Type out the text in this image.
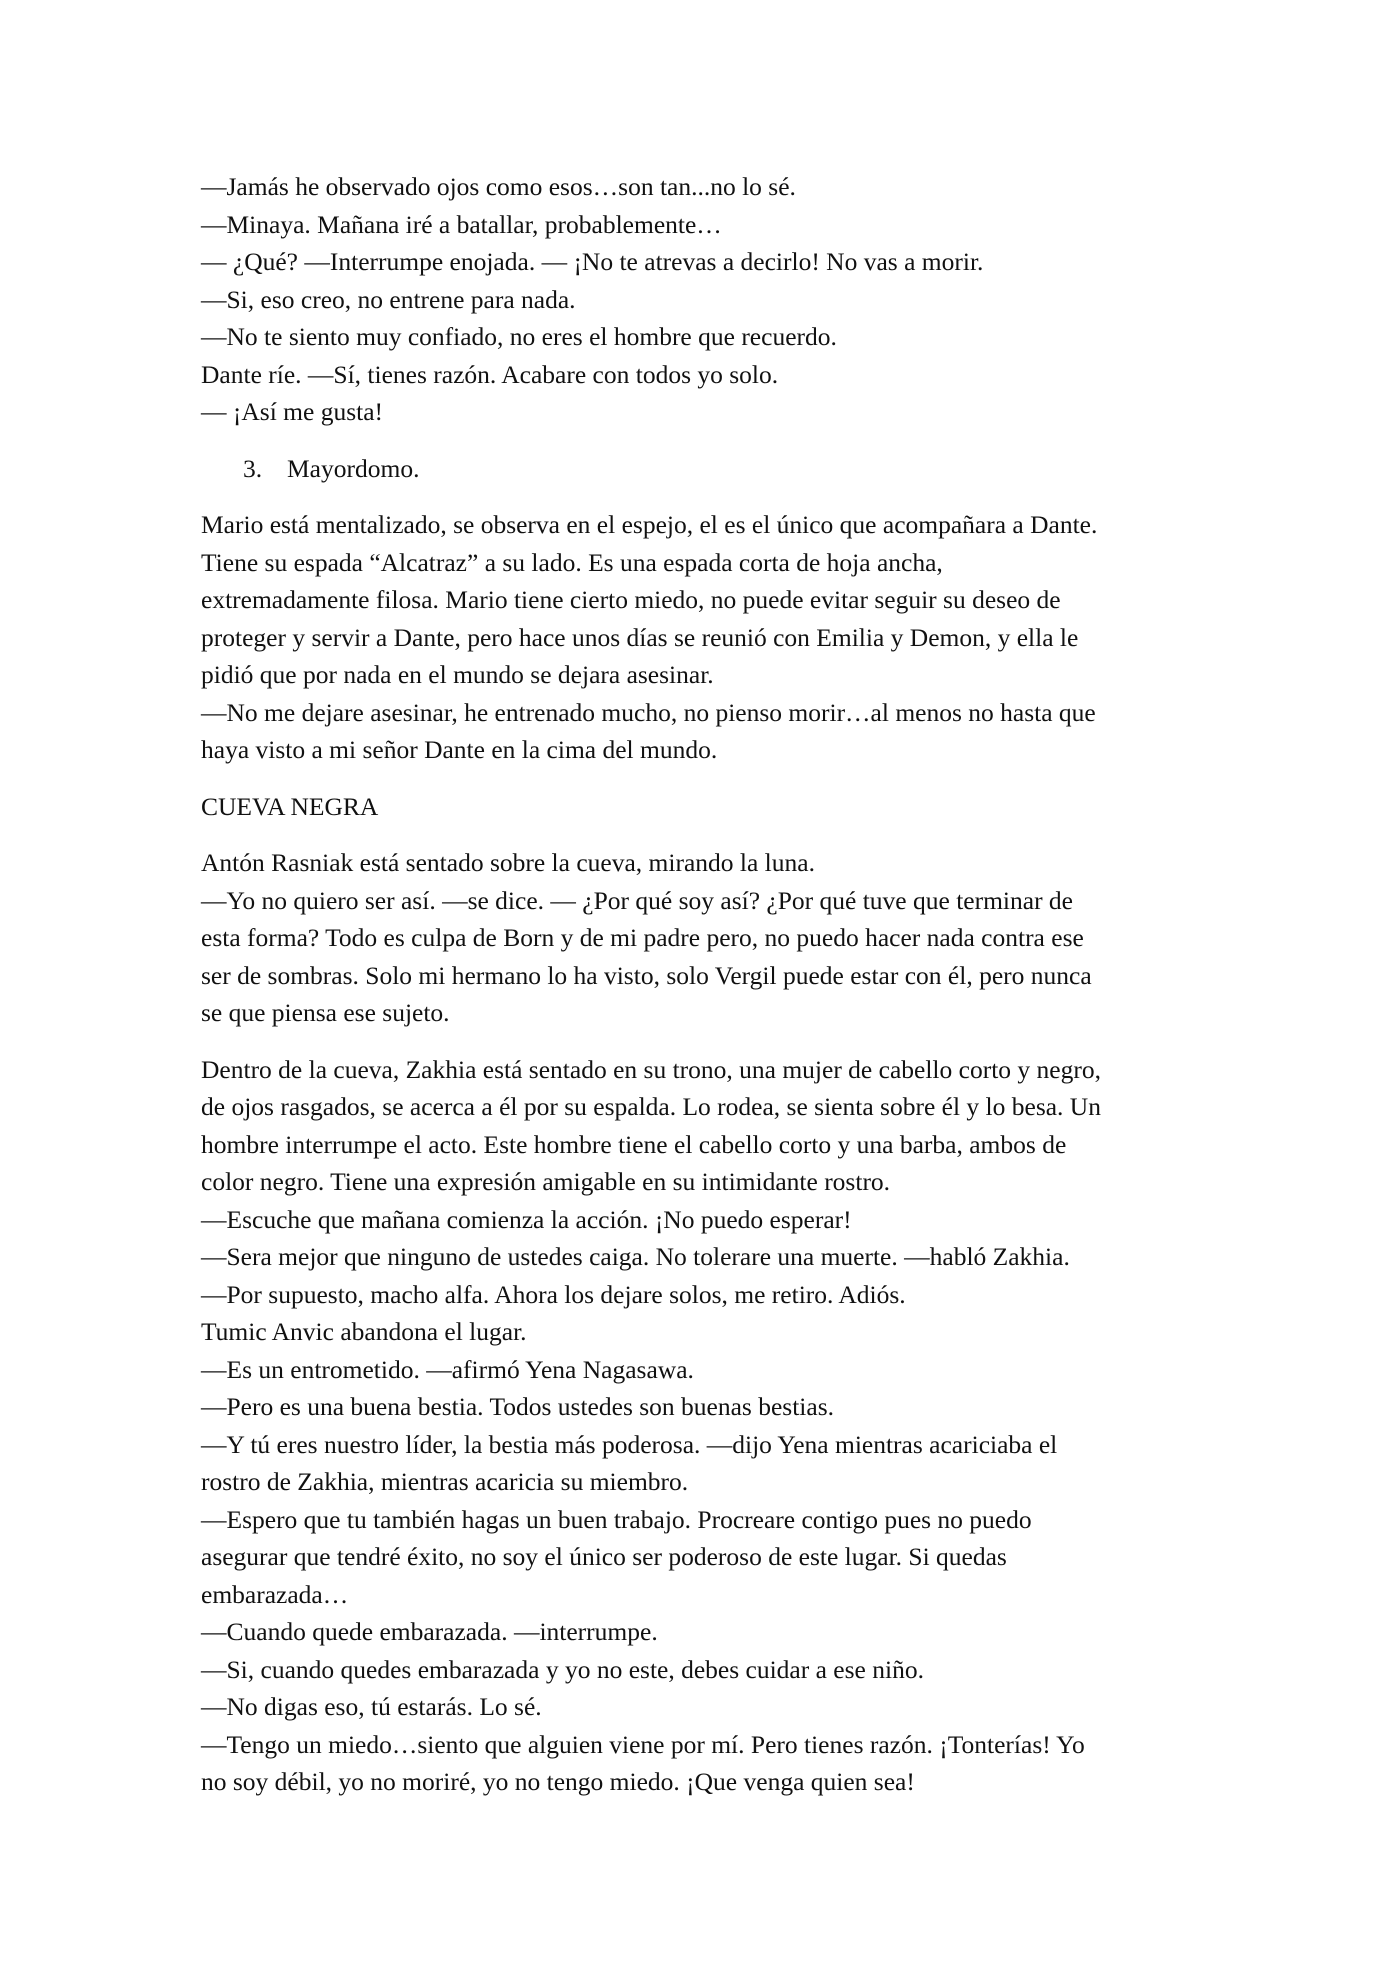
—Jamás he observado ojos como esos…son tan...no lo sé.

—Minaya. Mañana iré a batallar, probablemente…

— ¿Qué? —Interrumpe enojada. — ¡No te atrevas a decirlo! No vas a morir.

—Si, eso creo, no entrene para nada.

—No te siento muy confiado, no eres el hombre que recuerdo.

Dante ríe. —Sí, tienes razón. Acabare con todos yo solo.

— ¡Así me gusta!

3. Mayordomo.

Mario está mentalizado, se observa en el espejo, el es el único que acompañara a Dante.

Tiene su espada “Alcatraz” a su lado. Es una espada corta de hoja ancha,

extremadamente filosa. Mario tiene cierto miedo, no puede evitar seguir su deseo de

proteger y servir a Dante, pero hace unos días se reunió con Emilia y Demon, y ella le

pidió que por nada en el mundo se dejara asesinar.

—No me dejare asesinar, he entrenado mucho, no pienso morir…al menos no hasta que

haya visto a mi señor Dante en la cima del mundo.

CUEVA NEGRA

Antón Rasniak está sentado sobre la cueva, mirando la luna.

—Yo no quiero ser así. —se dice. — ¿Por qué soy así? ¿Por qué tuve que terminar de

esta forma? Todo es culpa de Born y de mi padre pero, no puedo hacer nada contra ese

ser de sombras. Solo mi hermano lo ha visto, solo Vergil puede estar con él, pero nunca

se que piensa ese sujeto.

Dentro de la cueva, Zakhia está sentado en su trono, una mujer de cabello corto y negro,

de ojos rasgados, se acerca a él por su espalda. Lo rodea, se sienta sobre él y lo besa. Un

hombre interrumpe el acto. Este hombre tiene el cabello corto y una barba, ambos de

color negro. Tiene una expresión amigable en su intimidante rostro.

—Escuche que mañana comienza la acción. ¡No puedo esperar!

—Sera mejor que ninguno de ustedes caiga. No tolerare una muerte. —habló Zakhia.

—Por supuesto, macho alfa. Ahora los dejare solos, me retiro. Adiós.

Tumic Anvic abandona el lugar.

—Es un entrometido. —afirmó Yena Nagasawa.

—Pero es una buena bestia. Todos ustedes son buenas bestias.

—Y tú eres nuestro líder, la bestia más poderosa. —dijo Yena mientras acariciaba el

rostro de Zakhia, mientras acaricia su miembro.

—Espero que tu también hagas un buen trabajo. Procreare contigo pues no puedo

asegurar que tendré éxito, no soy el único ser poderoso de este lugar. Si quedas

embarazada…

—Cuando quede embarazada. —interrumpe.

—Si, cuando quedes embarazada y yo no este, debes cuidar a ese niño.

—No digas eso, tú estarás. Lo sé.

—Tengo un miedo…siento que alguien viene por mí. Pero tienes razón. ¡Tonterías! Yo

no soy débil, yo no moriré, yo no tengo miedo. ¡Que venga quien sea!
